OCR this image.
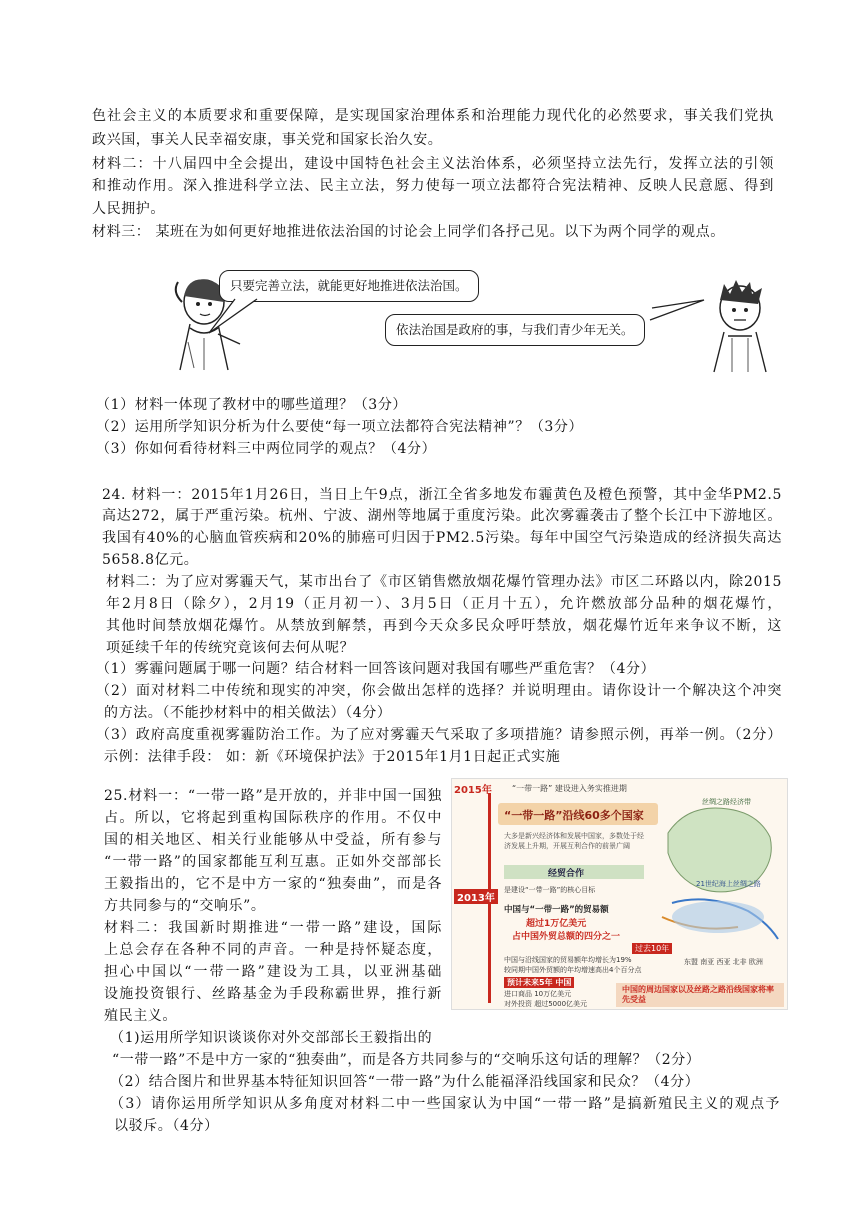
色社会主义的本质要求和重要保障，是实现国家治理体系和治理能力现代化的必然要求，事关我们党执
政兴国，事关人民幸福安康，事关党和国家长治久安。
材料二：十八届四中全会提出，建设中国特色社会主义法治体系，必须坚持立法先行，发挥立法的引领
和推动作用。深入推进科学立法、民主立法，努力使每一项立法都符合宪法精神、反映人民意愿、得到
人民拥护。
材料三： 某班在为如何更好地推进依法治国的讨论会上同学们各抒己见。以下为两个同学的观点。
只要完善立法，就能更好地推进依法治国。
依法治国是政府的事，与我们青少年无关。
（1）材料一体现了教材中的哪些道理？（3分）
（2）运用所学知识分析为什么要使“每一项立法都符合宪法精神”？（3分）
（3）你如何看待材料三中两位同学的观点？（4分）
24. 材料一：2015年1月26日，当日上午9点，浙江全省多地发布霾黄色及橙色预警，其中金华PM2.5
高达272，属于严重污染。杭州、宁波、湖州等地属于重度污染。此次雾霾袭击了整个长江中下游地区。
我国有40%的心脑血管疾病和20%的肺癌可归因于PM2.5污染。每年中国空气污染造成的经济损失高达
5658.8亿元。
材料二：为了应对雾霾天气，某市出台了《市区销售燃放烟花爆竹管理办法》市区二环路以内，除2015
年2月8日（除夕），2月19（正月初一）、3月5日（正月十五），允许燃放部分品种的烟花爆竹，
其他时间禁放烟花爆竹。从禁放到解禁，再到今天众多民众呼吁禁放，烟花爆竹近年来争议不断，这
项延续千年的传统究竟该何去何从呢？
（1）雾霾问题属于哪一问题？结合材料一回答该问题对我国有哪些严重危害？（4分）
（2）面对材料二中传统和现实的冲突，你会做出怎样的选择？并说明理由。请你设计一个解决这个冲突
的方法。（不能抄材料中的相关做法）（4分）
（3）政府高度重视雾霾防治工作。为了应对雾霾天气采取了多项措施？请参照示例，再举一例。（2分）
示例：法律手段： 如：新《环境保护法》于2015年1月1日起正式实施
25.材料一：“一带一路”是开放的，并非中国一国独
占。所以，它将起到重构国际秩序的作用。不仅中
国的相关地区、相关行业能够从中受益，所有参与
“一带一路”的国家都能互利互惠。正如外交部部长
王毅指出的，它不是中方一家的“独奏曲”，而是各
方共同参与的“交响乐”。
材料二：我国新时期推进“一带一路”建设，国际
上总会存在各种不同的声音。一种是持怀疑态度，
担心中国以“一带一路”建设为工具，以亚洲基础
设施投资银行、丝路基金为手段称霸世界，推行新
殖民主义。
（1)运用所学知识谈谈你对外交部部长王毅指出的
“一带一路”不是中方一家的“独奏曲”，而是各方共同参与的“交响乐这句话的理解？（2分）
（2）结合图片和世界基本特征知识回答“一带一路”为什么能福泽沿线国家和民众？（4分）
（3）请你运用所学知识从多角度对材料二中一些国家认为中国“一带一路”是搞新殖民主义的观点予
以驳斥。（4分）
2015年	“一带一路” 建设进入务实推进期
“一带一路”沿线60多个国家
大多是新兴经济体和发展中国家，多数处于经济发展上升期，开展互利合作的前景广阔
经贸合作
是建设“一带一路”的核心目标
2013年
中国与“一带一路”的贸易额
超过1万亿美元
占中国外贸总额的四分之一
过去10年
中国与沿线国家的贸易额年均增长为19%
较同期中国外贸额的年均增速高出4个百分点
预计未来5年 中国
进口商品 10万亿美元
对外投资 超过5000亿美元
丝绸之路经济带
21世纪海上丝绸之路
东盟 南亚 西亚 北非 欧洲
中国的周边国家以及丝路之路沿线国家将率先受益
